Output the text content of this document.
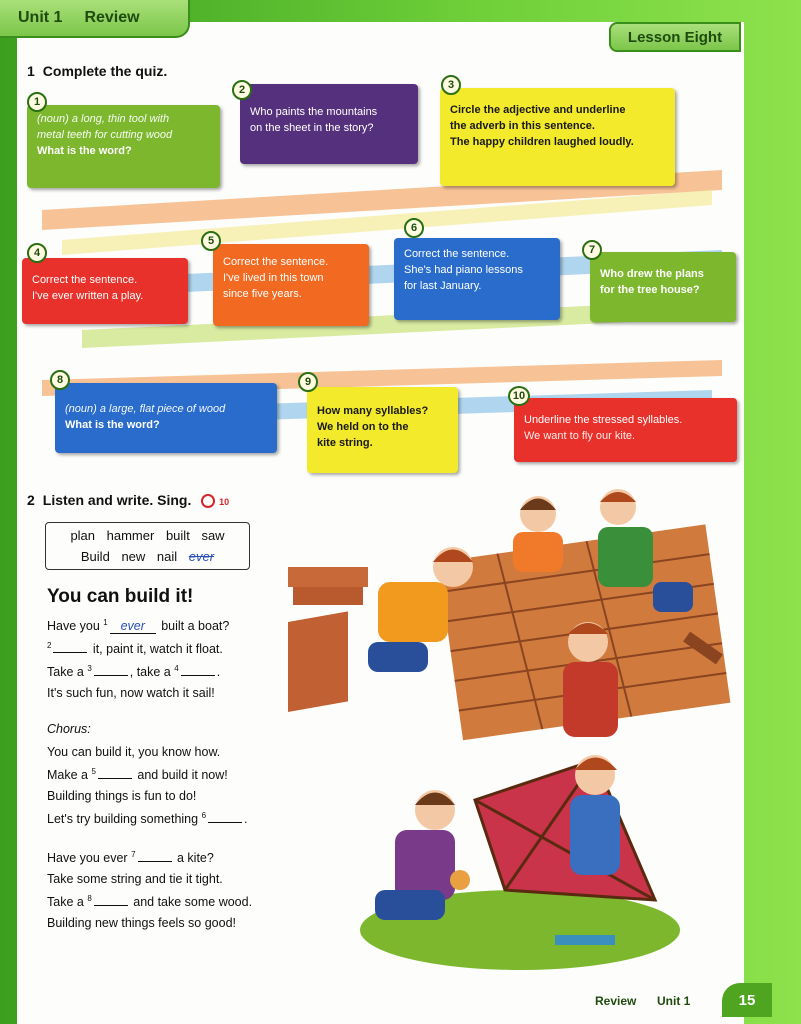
Unit 1 Review
Lesson Eight
1 Complete the quiz.
(noun) a long, thin tool with
metal teeth for cutting wood
What is the word?
1
Who paints the mountains
on the sheet in the story?
2
Circle the adjective and underline
the adverb in this sentence.
The happy children laughed loudly.
3
Correct the sentence.
I've ever written a play.
4
Correct the sentence.
I've lived in this town
since five years.
5
Correct the sentence.
She's had piano lessons
for last January.
6
Who drew the plans
for the tree house?
7
(noun) a large, flat piece of wood
What is the word?
8
How many syllables?
We held on to the
kite string.
9
Underline the stressed syllables.
We want to fly our kite.
10
2 Listen and write. Sing.	10
plan hammer built saw
Build new nail ever
You can build it!
Have you $^1$ ever built a boat?
$^2$	it, paint it, watch it float.
Take a $^3$	, take a $^4$	.
It's such fun, now watch it sail!
Chorus:
You can build it, you know how.
Make a $^5$	and build it now!
Building things is fun to do!
Let's try building something $^6$	.
Have you ever $^7$	a kite?
Take some string and tie it tight.
Take a $^8$	and take some wood.
Building new things feels so good!
Review Unit 1	15
